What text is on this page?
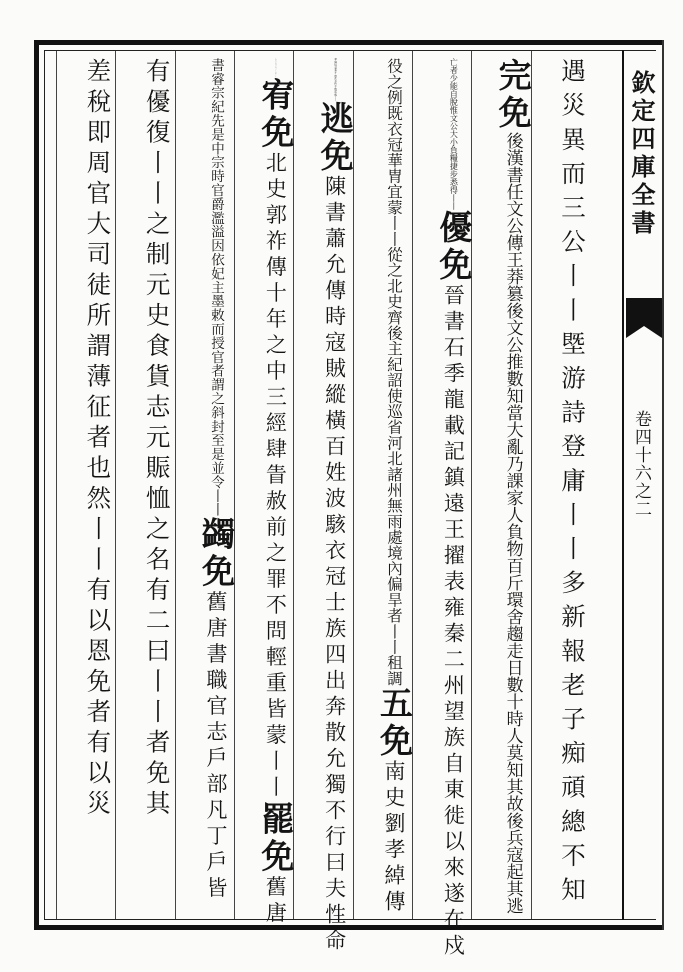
欽定四庫全書
卷四十六之二
遇災異而三公丨丨塈游詩登庸丨丨多新報老子痴頑總不知
完免後漢書任文公傳王莽篡後文公推數知當大亂乃課家人負物百斤環舍趨走日數十時人莫知其故後兵寇起其逃
亡者少能自脫惟文公大小負糧捷步悉得丨丨優免晉書石季龍載記鎮遠王擢表雍秦二州望族自東徙以來遂在戍
役之例既衣冠華胄宜蒙丨丨從之北史齊後主紀詔使巡省河北諸州無雨處境內偏旱者丨丨租調五免南史劉孝綽傳
孝綽仗氣負才由此多忤于物前後丨丨逃免陳書蕭允傳時寇賊縱橫百姓波駭衣冠士族四出奔散允獨不行曰夫性命
之道自有常分豈可丨而獲丨乎宥免北史郭祚傳十年之中三經肆眚赦前之罪不問輕重皆蒙丨丨罷免舊唐
書睿宗紀先是中宗時官爵濫溢因依妃主墨敕而授官者謂之斜封至是並令丨丨蠲免舊唐書職官志戶部凡丁戶皆
有優復丨丨之制元史食貨志元賑恤之名有二曰丨丨者免其
差稅即周官大司徒所謂薄征者也然丨丨有以恩免者有以災
